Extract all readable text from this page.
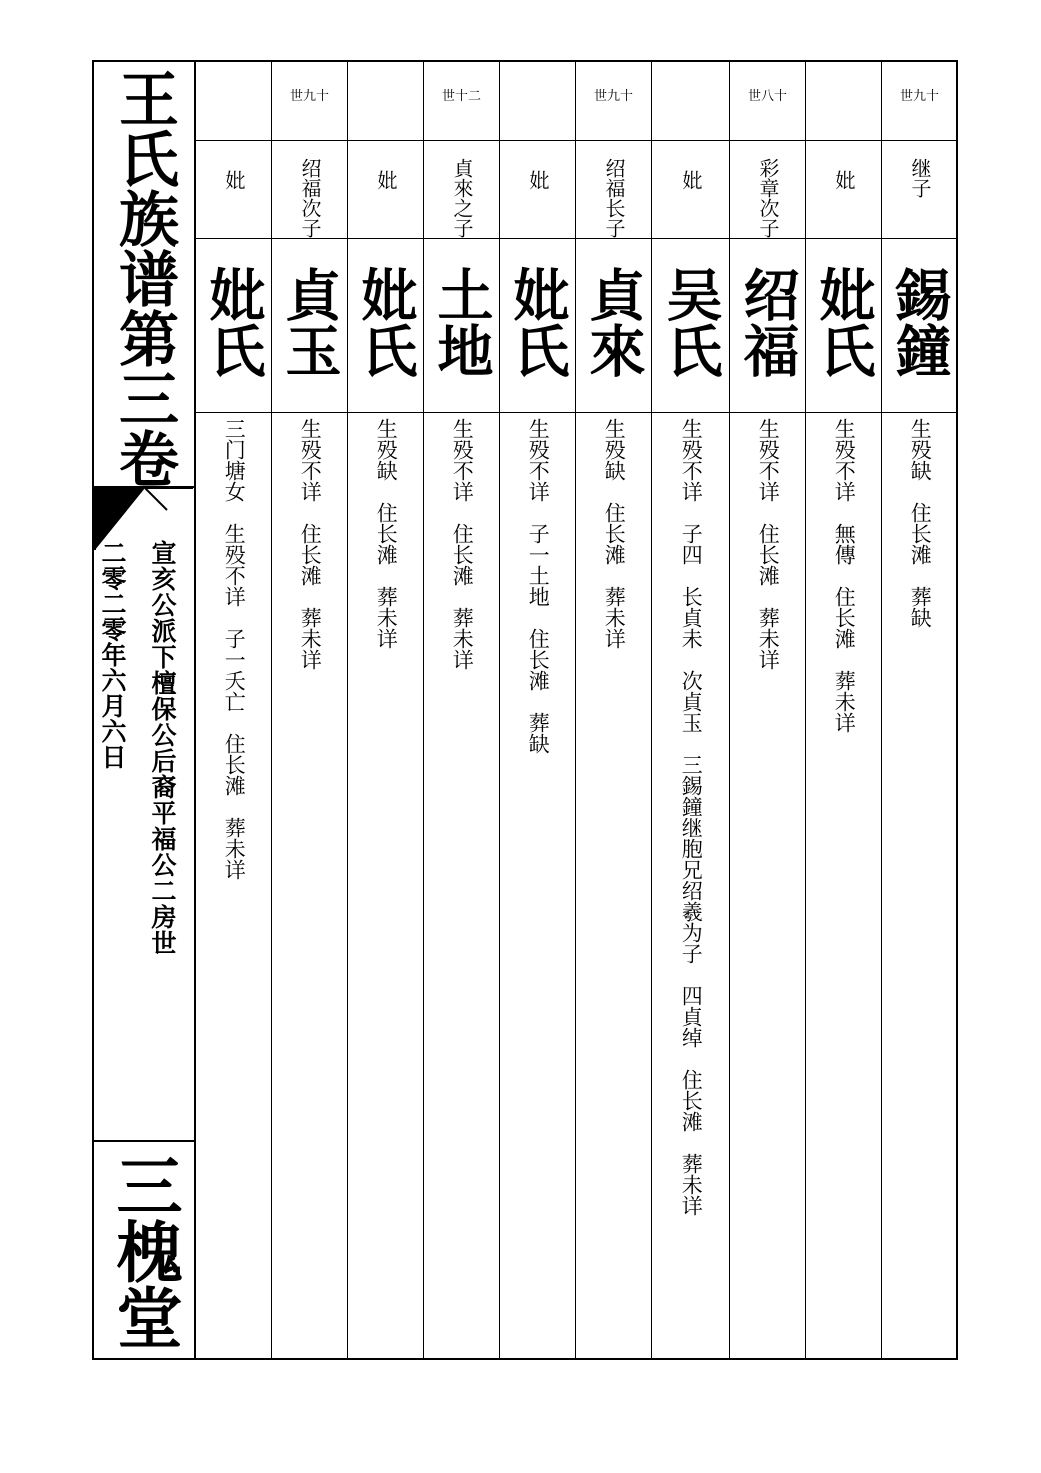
王氏族谱第三卷
宣亥公派下檀保公后裔平福公二房世
二零二零年六月六日
三槐堂
世九十
继子
錫鐘
生殁缺　住长滩　葬缺
妣
妣氏
生殁不详　無傳　住长滩　葬未详
世八十
彩章次子
绍福
生殁不详　住长滩　葬未详
妣
吴氏
生殁不详　子四　长貞未　次貞玉　三錫鐘继胞兄绍羲为子　四貞绰　住长滩　葬未详
世九十
绍福长子
貞來
生殁缺　住长滩　葬未详
妣
妣氏
生殁不详　子一土地　住长滩　葬缺
世十二
貞來之子
土地
生殁不详　住长滩　葬未详
妣
妣氏
生殁缺　住长滩　葬未详
世九十
绍福次子
貞玉
生殁不详　住长滩　葬未详
妣
妣氏
三门塘女　生殁不详　子一夭亡　住长滩　葬未详
